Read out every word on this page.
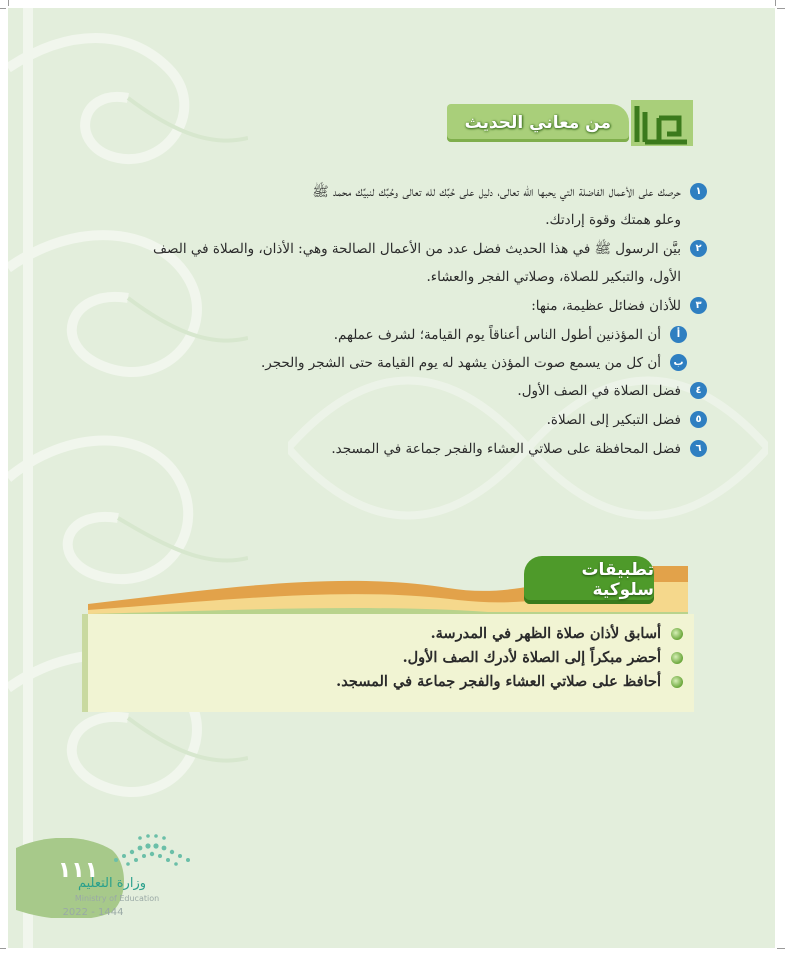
من معاني الحديث
١
حرصك على الأعمال الفاضلة التي يحبها الله تعالى، دليل على حُبِّك لله تعالى وحُبِّك لنبيِّك محمد ﷺ
وعلو همتك وقوة إرادتك.
٢
بيَّن الرسول ﷺ في هذا الحديث فضل عدد من الأعمال الصالحة وهي: الأذان، والصلاة في الصف
الأول، والتبكير للصلاة، وصلاتي الفجر والعشاء.
٣
للأذان فضائل عظيمة، منها:
أ
أن المؤذنين أطول الناس أعناقاً يوم القيامة؛ لشرف عملهم.
ب
أن كل من يسمع صوت المؤذن يشهد له يوم القيامة حتى الشجر والحجر.
٤
فضل الصلاة في الصف الأول.
٥
فضل التبكير إلى الصلاة.
٦
فضل المحافظة على صلاتي العشاء والفجر جماعة في المسجد.
تطبيقات سلوكية
أسابق لأذان صلاة الظهر في المدرسة.
أحضر مبكراً إلى الصلاة لأدرك الصف الأول.
أحافظ على صلاتي العشاء والفجر جماعة في المسجد.
١١١
وزارة التعليم
Ministry of Education
2022 - 1444
